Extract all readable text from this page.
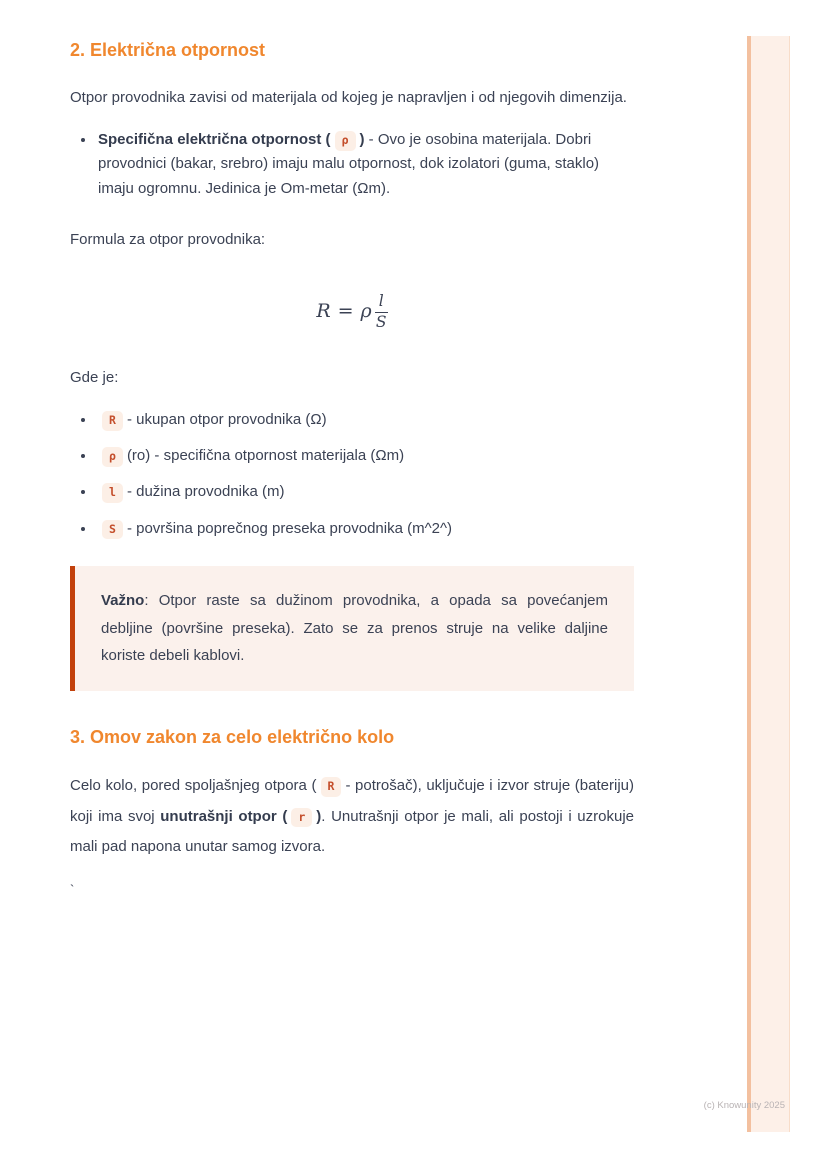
2. Električna otpornost

Otpor provodnika zavisi od materijala od kojeg je napravljen i od njegovih dimenzija.

• Specifična električna otpornost ( ρ ) - Ovo je osobina materijala. Dobri provodnici (bakar, srebro) imaju malu otpornost, dok izolatori (guma, staklo) imaju ogromnu. Jedinica je Om-metar (Ωm).

Formula za otpor provodnika:

R = ρ $\frac{l}{S}$

Gde je:

• R - ukupan otpor provodnika (Ω)
• ρ (ro) - specifična otpornost materijala (Ωm)
• l - dužina provodnika (m)
• S - površina poprečnog preseka provodnika (m^2^)
Važno: Otpor raste sa dužinom provodnika, a opada sa povećanjem debljine (površine preseka). Zato se za prenos struje na velike daljine koriste debeli kablovi.
3. Omov zakon za celo električno kolo

Celo kolo, pored spoljašnjeg otpora ( R - potrošač), uključuje i izvor struje (bateriju) koji ima svoj unutrašnji otpor ( r ). Unutrašnji otpor je mali, ali postoji i uzrokuje mali pad napona unutar samog izvora.

`
(c) Knowunity 2025
